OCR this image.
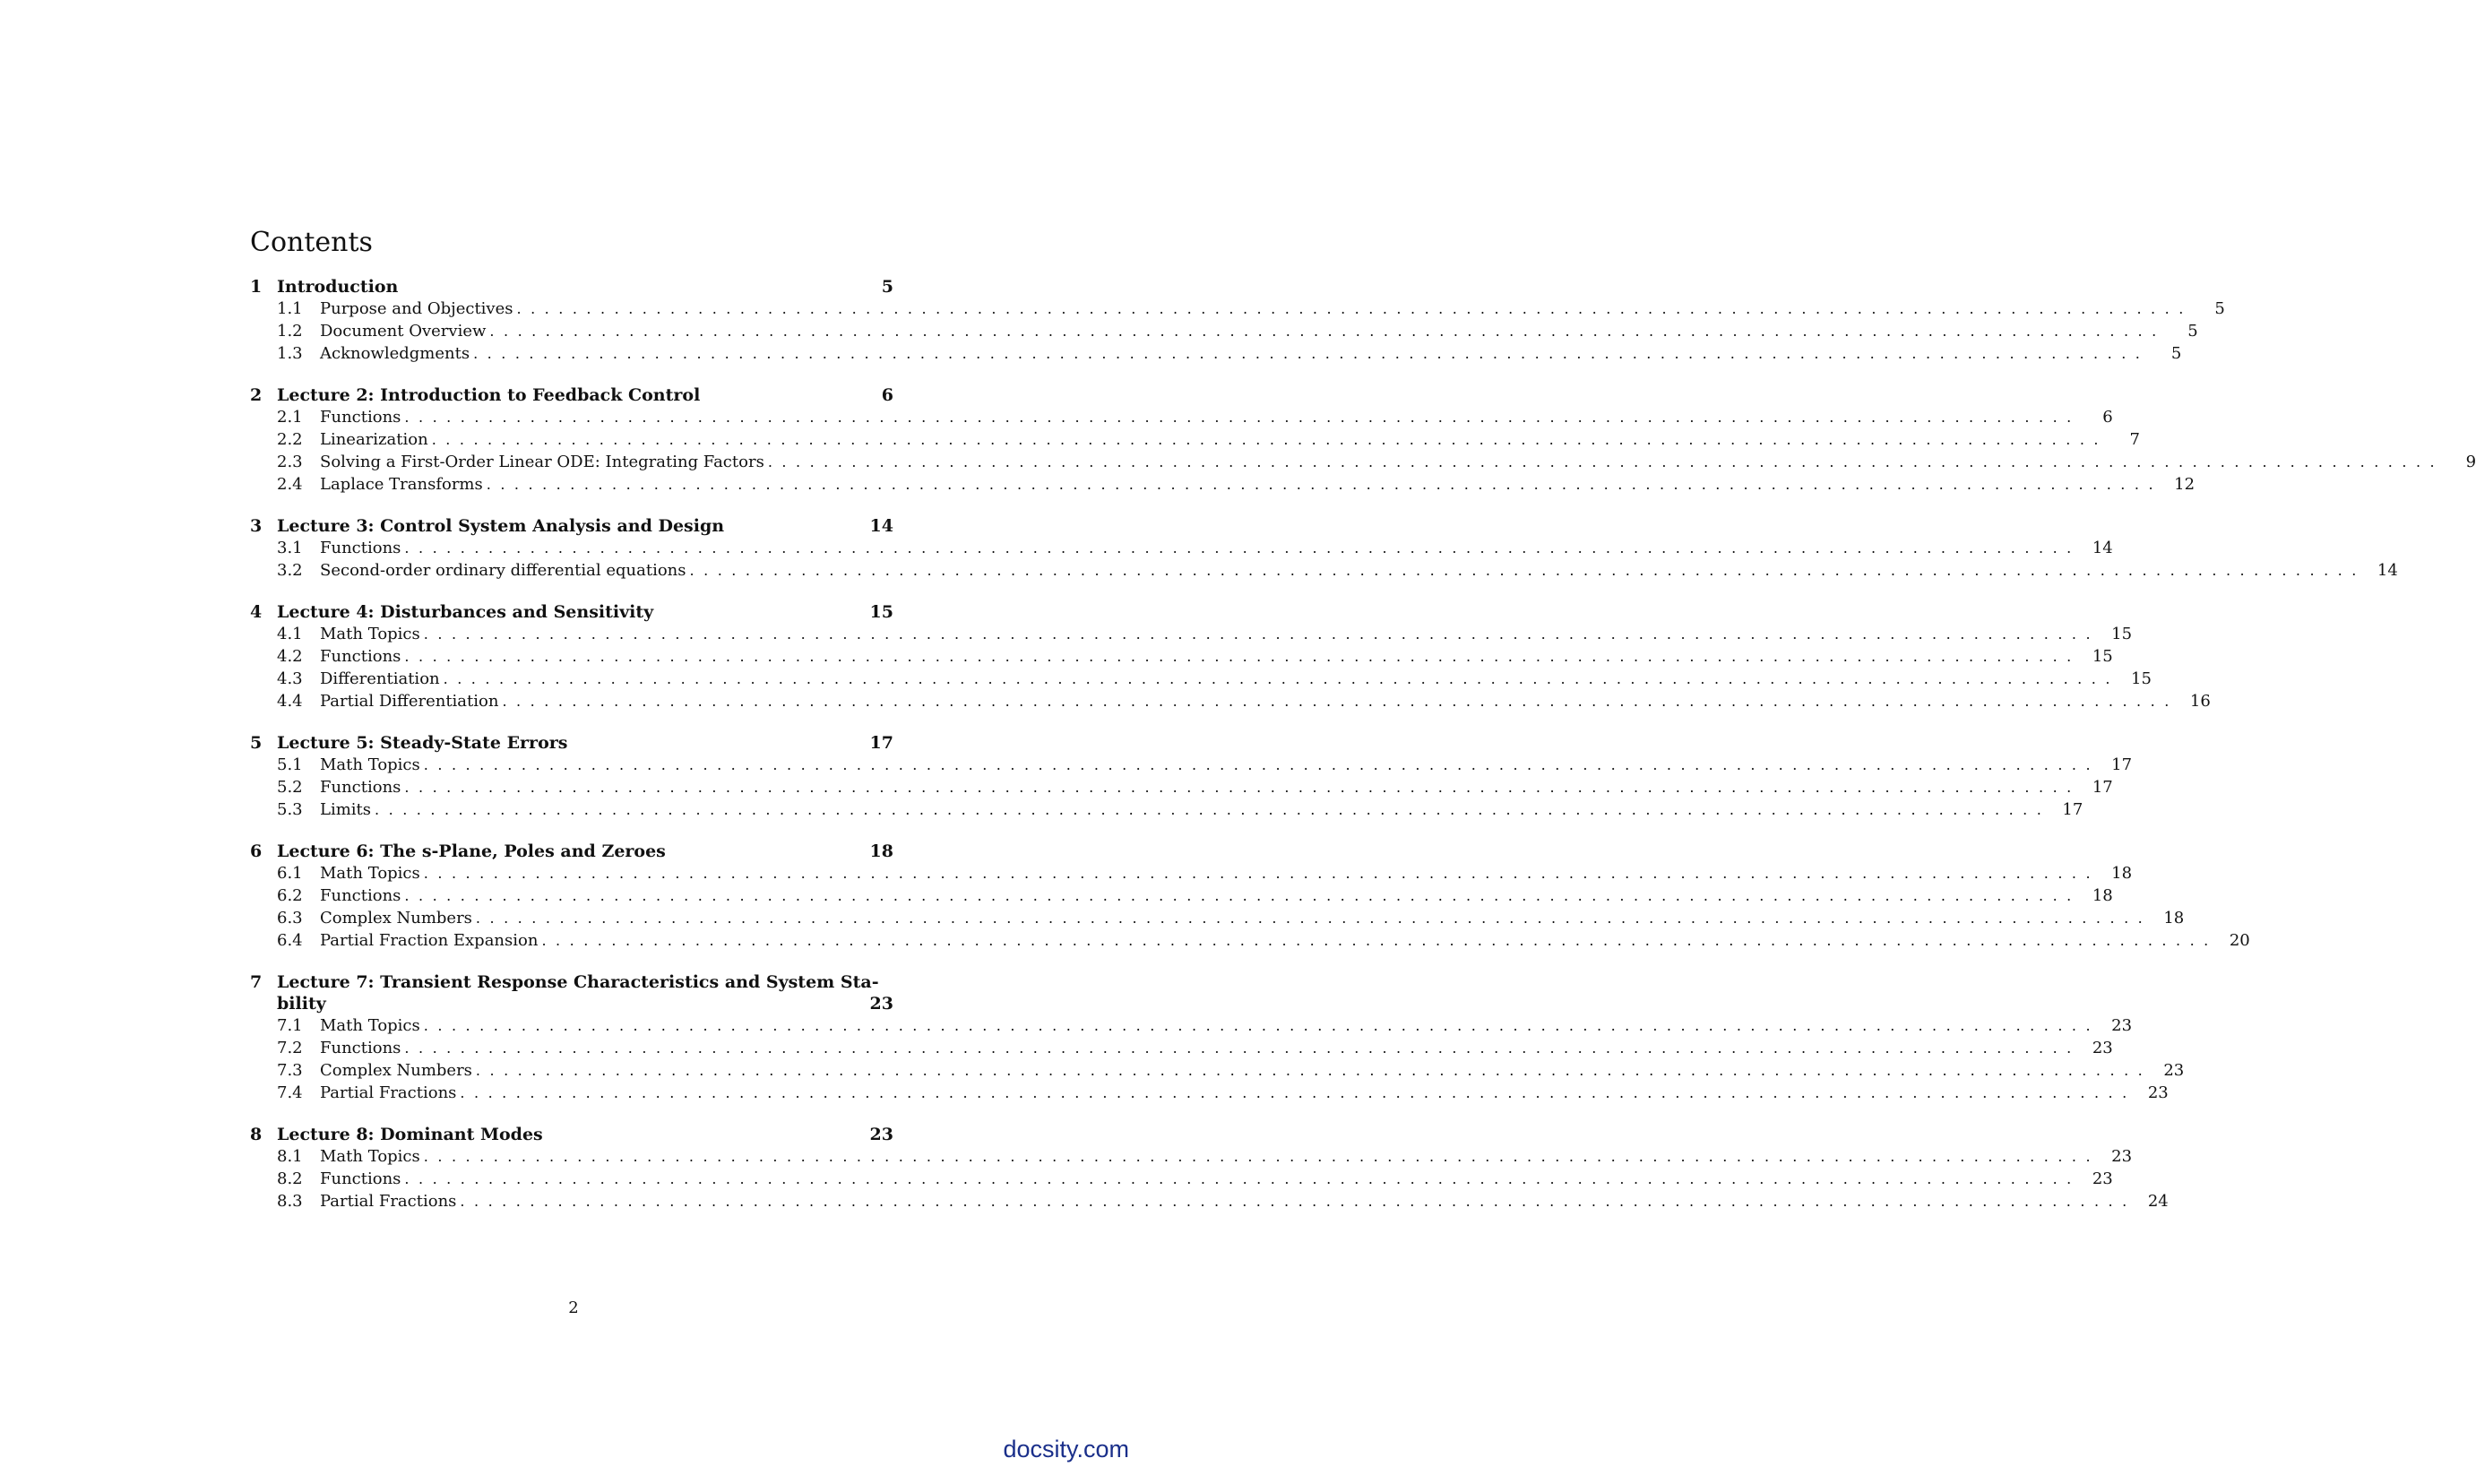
Contents
1 Introduction	5
1.1	Purpose and Objectives ........................................................................................................................	5
1.2	Document Overview ........................................................................................................................	5
1.3	Acknowledgments ........................................................................................................................	5
2 Lecture 2: Introduction to Feedback Control	6
2.1	Functions ........................................................................................................................	6
2.2	Linearization ........................................................................................................................	7
2.3	Solving a First-Order Linear ODE: Integrating Factors ........................................................................................................................	9
2.4	Laplace Transforms ........................................................................................................................ 12
3 Lecture 3: Control System Analysis and Design	14
3.1	Functions ........................................................................................................................ 14
3.2	Second-order ordinary differential equations ........................................................................................................................ 14
4 Lecture 4: Disturbances and Sensitivity	15
4.1	Math Topics ........................................................................................................................ 15
4.2	Functions ........................................................................................................................ 15
4.3	Differentiation ........................................................................................................................ 15
4.4	Partial Differentiation ........................................................................................................................ 16
5 Lecture 5: Steady-State Errors	17
5.1	Math Topics ........................................................................................................................ 17
5.2	Functions ........................................................................................................................ 17
5.3	Limits ........................................................................................................................ 17
6 Lecture 6: The s-Plane, Poles and Zeroes	18
6.1	Math Topics ........................................................................................................................ 18
6.2	Functions ........................................................................................................................ 18
6.3	Complex Numbers ........................................................................................................................ 18
6.4	Partial Fraction Expansion ........................................................................................................................ 20
7 Lecture 7: Transient Response Characteristics and System Sta-
bility	23
7.1	Math Topics ........................................................................................................................ 23
7.2	Functions ........................................................................................................................ 23
7.3	Complex Numbers ........................................................................................................................ 23
7.4	Partial Fractions ........................................................................................................................ 23
8 Lecture 8: Dominant Modes	23
8.1	Math Topics ........................................................................................................................ 23
8.2	Functions ........................................................................................................................ 23
8.3	Partial Fractions ........................................................................................................................ 24
2
docsity.com
